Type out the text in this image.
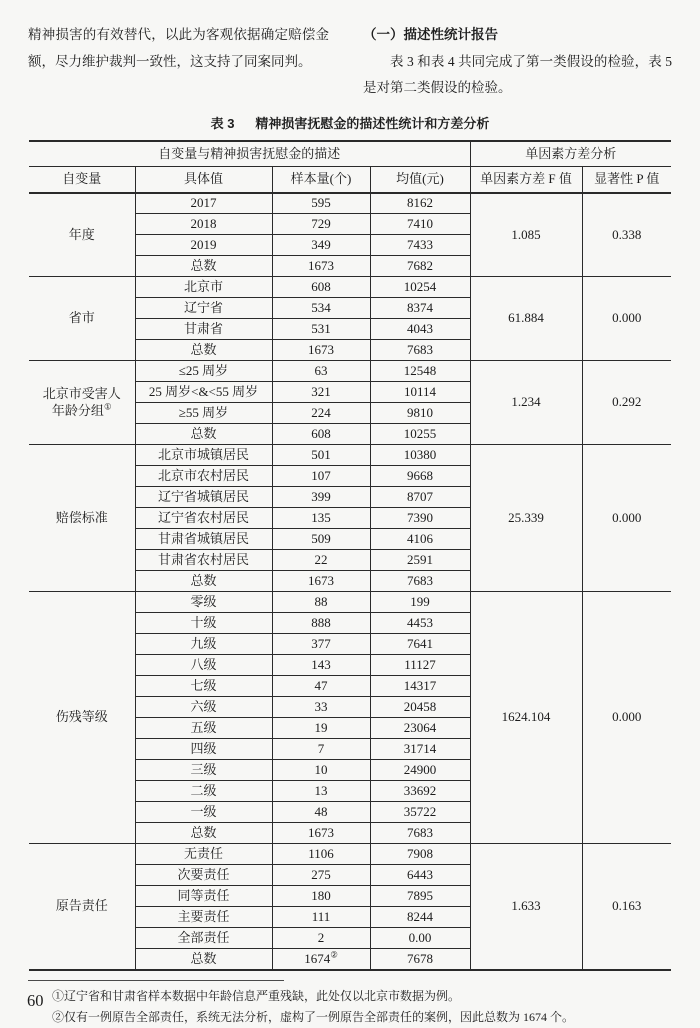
精神损害的有效替代，以此为客观依据确定赔偿金额，尽力维护裁判一致性，这支持了同案同判。

（一）描述性统计报告

表 3 和表 4 共同完成了第一类假设的检验，表 5 是对第二类假设的检验。

表 3 精神损害抚慰金的描述性统计和方差分析
自变量与精神损害抚慰金的描述				单因素方差分析	
自变量	具体值	样本量(个)	均值(元)	单因素方差 F 值	显著性 P 值
年度	2017	595	8162	1.085	0.338
	2018	729	7410		
	2019	349	7433		
	总数	1673	7682		
省市	北京市	608	10254	61.884	0.000
	辽宁省	534	8374		
	甘肃省	531	4043		
	总数	1673	7683		
北京市受害人
年龄分组①	≤25 周岁	63	12548	1.234	0.292
	25 周岁<&<55 周岁	321	10114		
	≥55 周岁	224	9810		
	总数	608	10255		
赔偿标准	北京市城镇居民	501	10380	25.339	0.000
	北京市农村居民	107	9668		
	辽宁省城镇居民	399	8707		
	辽宁省农村居民	135	7390		
	甘肃省城镇居民	509	4106		
	甘肃省农村居民	22	2591		
	总数	1673	7683		
伤残等级	零级	88	199	1624.104	0.000
	十级	888	4453		
	九级	377	7641		
	八级	143	11127		
	七级	47	14317		
	六级	33	20458		
	五级	19	23064		
	四级	7	31714		
	三级	10	24900		
	二级	13	33692		
	一级	48	35722		
	总数	1673	7683		
原告责任	无责任	1106	7908	1.633	0.163
	次要责任	275	6443		
	同等责任	180	7895		
	主要责任	111	8244		
	全部责任	2	0.00		
	总数	1674②	7678		

①辽宁省和甘肃省样本数据中年龄信息严重残缺，此处仅以北京市数据为例。

②仅有一例原告全部责任，系统无法分析，虚构了一例原告全部责任的案例，因此总数为 1674 个。

60
